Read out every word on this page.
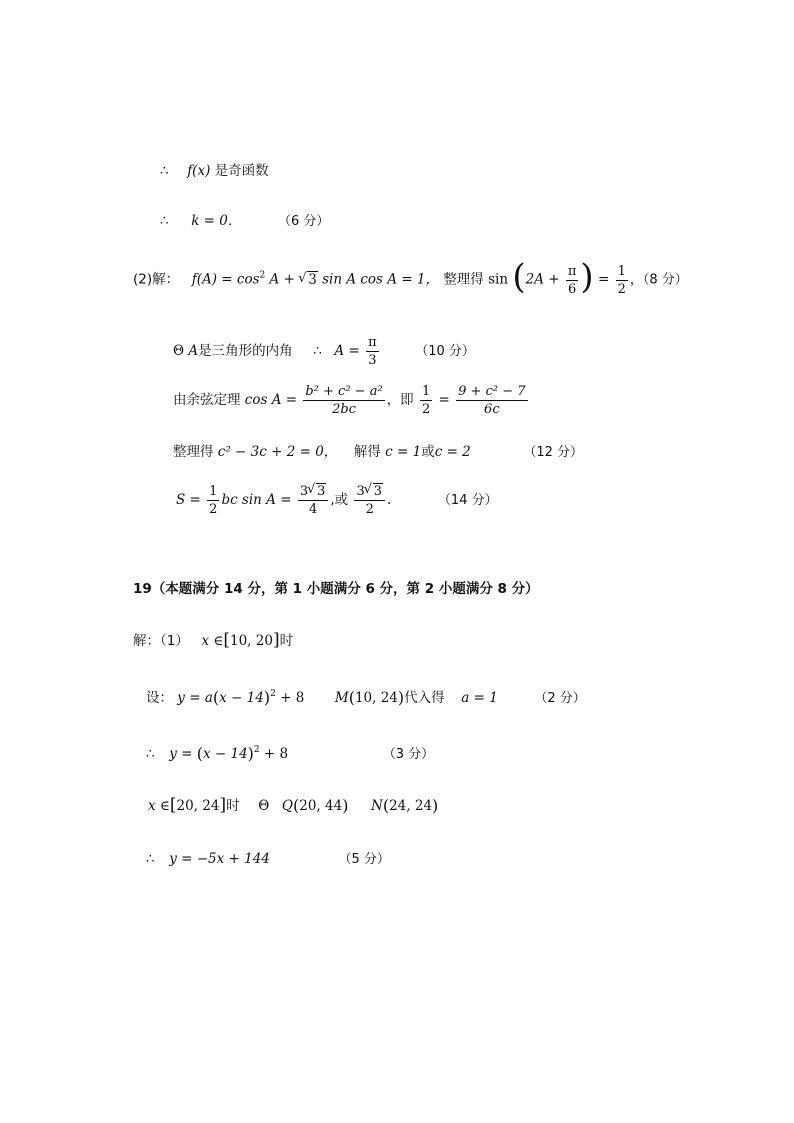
∴ f(x) 是奇函数
∴ k = 0．	（6 分）
(2)解： $f(A) = \cos^2 A$ + √ 3 sin A cos A = 1， 整理得 $\sin (2A + \frac{\pi}{6}$ ) = $\frac{1}{2}$ ，（8 分）
Θ A是三角形的内角 ∴ $A = \frac{\pi}{3}$	（10 分）
由余弦定理 $\cos A = \frac{\text{b² + c² − a²}}{2bc}$ ，即 $\frac{1}{2} = \frac{\text{9 + c² − 7}}{6c}$
整理得 c² − 3c + 2 = 0， 解得 c = 1或c = 2	（12 分）
$S = \frac{1}{2}$ bc $\sin A = \frac{3 √ 3}{4}$ ,或 $\frac{3 √ 3}{2}$ .	（14 分）
19（本题满分 14 分，第 1 小题满分 6 分，第 2 小题满分 8 分）
解：（1） x ∈[10, 20]时
设： $y = a(x - 14)^2 + 8$ M(10, 24)代入得 a = 1	（2 分）
∴ $y = (x - 14)^2 + 8$	（3 分）
x ∈[20, 24]时 Θ Q(20, 44) N(24, 24)
∴ y = −5x + 144	（5 分）
